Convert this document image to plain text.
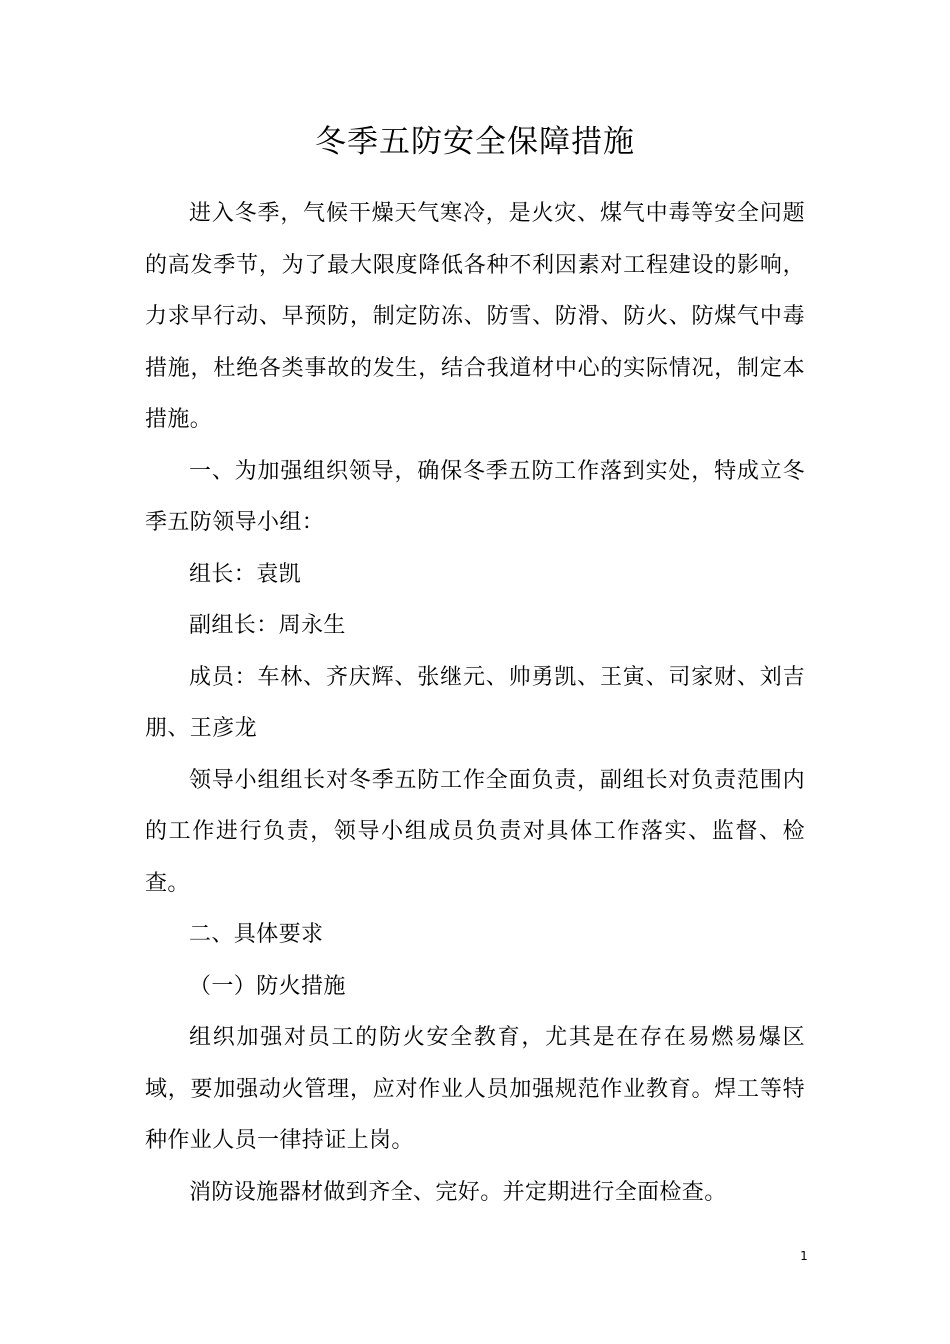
冬季五防安全保障措施

进入冬季，气候干燥天气寒冷，是火灾、煤气中毒等安全问题的高发季节，为了最大限度降低各种不利因素对工程建设的影响，力求早行动、早预防，制定防冻、防雪、防滑、防火、防煤气中毒措施，杜绝各类事故的发生，结合我道材中心的实际情况，制定本措施。

一、为加强组织领导，确保冬季五防工作落到实处，特成立冬季五防领导小组：

组长：袁凯

副组长：周永生

成员：车林、齐庆辉、张继元、帅勇凯、王寅、司家财、刘吉朋、王彦龙

领导小组组长对冬季五防工作全面负责，副组长对负责范围内的工作进行负责，领导小组成员负责对具体工作落实、监督、检查。

二、具体要求

（一）防火措施

组织加强对员工的防火安全教育，尤其是在存在易燃易爆区域，要加强动火管理，应对作业人员加强规范作业教育。焊工等特种作业人员一律持证上岗。

消防设施器材做到齐全、完好。并定期进行全面检查。

1
